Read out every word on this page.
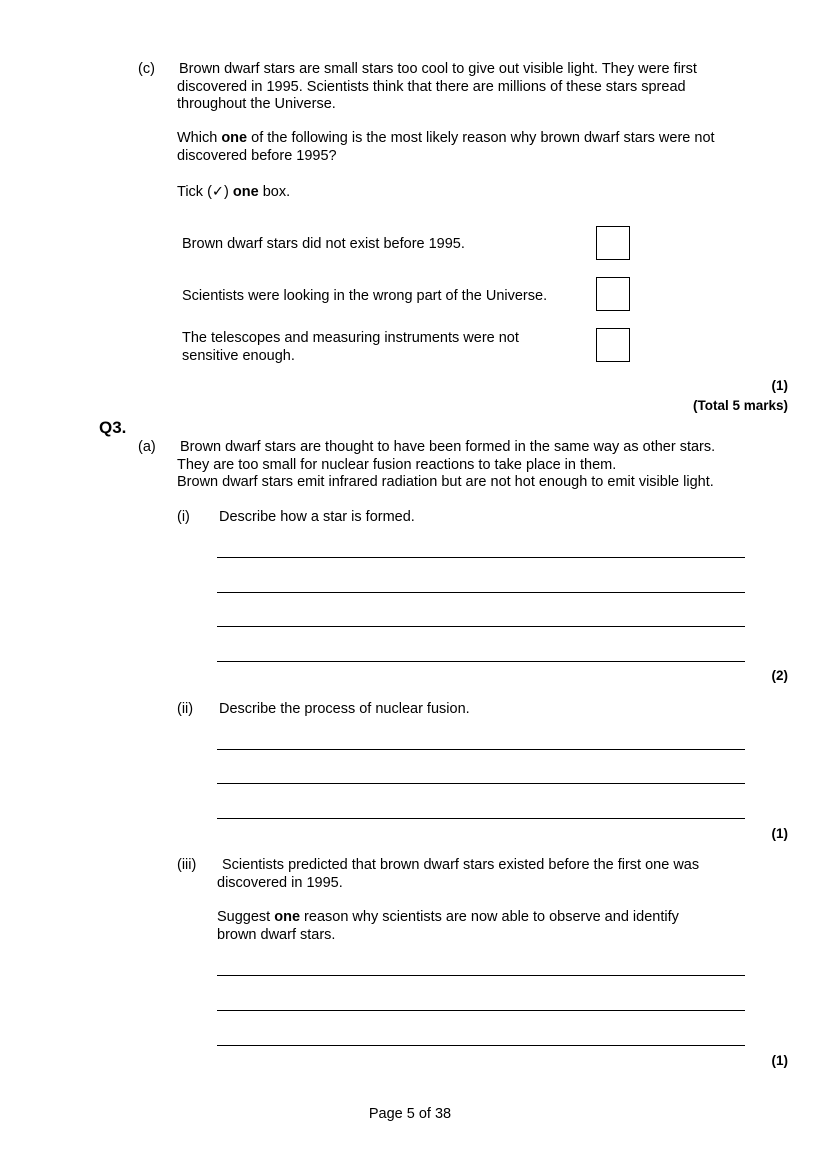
(c) Brown dwarf stars are small stars too cool to give out visible light. They were first
discovered in 1995. Scientists think that there are millions of these stars spread
throughout the Universe.
Which one of the following is the most likely reason why brown dwarf stars were not
discovered before 1995?
Tick (✓) one box.
Brown dwarf stars did not exist before 1995.
Scientists were looking in the wrong part of the Universe.
The telescopes and measuring instruments were not
sensitive enough.
(1)
(Total 5 marks)
Q3.
(a) Brown dwarf stars are thought to have been formed in the same way as other stars.
They are too small for nuclear fusion reactions to take place in them.
Brown dwarf stars emit infrared radiation but are not hot enough to emit visible light.
(i) Describe how a star is formed.
(2)
(ii) Describe the process of nuclear fusion.
(1)
(iii) Scientists predicted that brown dwarf stars existed before the first one was
discovered in 1995.
Suggest one reason why scientists are now able to observe and identify
brown dwarf stars.
(1)
Page 5 of 38
